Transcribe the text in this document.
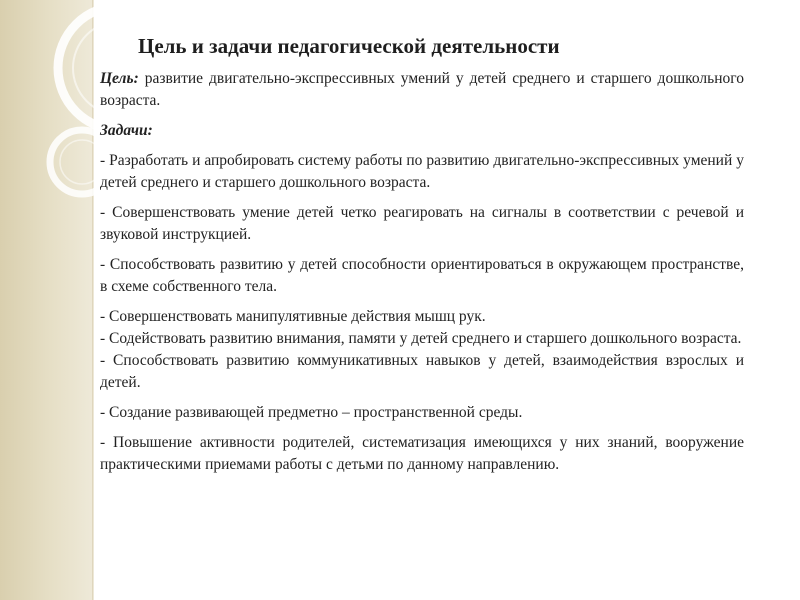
Цель и задачи педагогической деятельности

Цель: развитие двигательно-экспрессивных умений у детей среднего и старшего дошкольного возраста.

Задачи:

- Разработать и апробировать систему работы по развитию двигательно-экспрессивных умений у детей среднего и старшего дошкольного возраста.

- Совершенствовать умение детей четко реагировать на сигналы в соответствии с речевой и звуковой инструкцией.

- Способствовать развитию у детей способности ориентироваться в окружающем пространстве, в схеме собственного тела.

- Совершенствовать манипулятивные действия мышц рук.

- Содействовать развитию внимания, памяти у детей среднего и старшего дошкольного возраста.

- Способствовать развитию коммуникативных навыков у детей, взаимодействия взрослых и детей.

- Создание развивающей предметно – пространственной среды.

- Повышение активности родителей, систематизация имеющихся у них знаний, вооружение практическими приемами работы с детьми по данному направлению.
